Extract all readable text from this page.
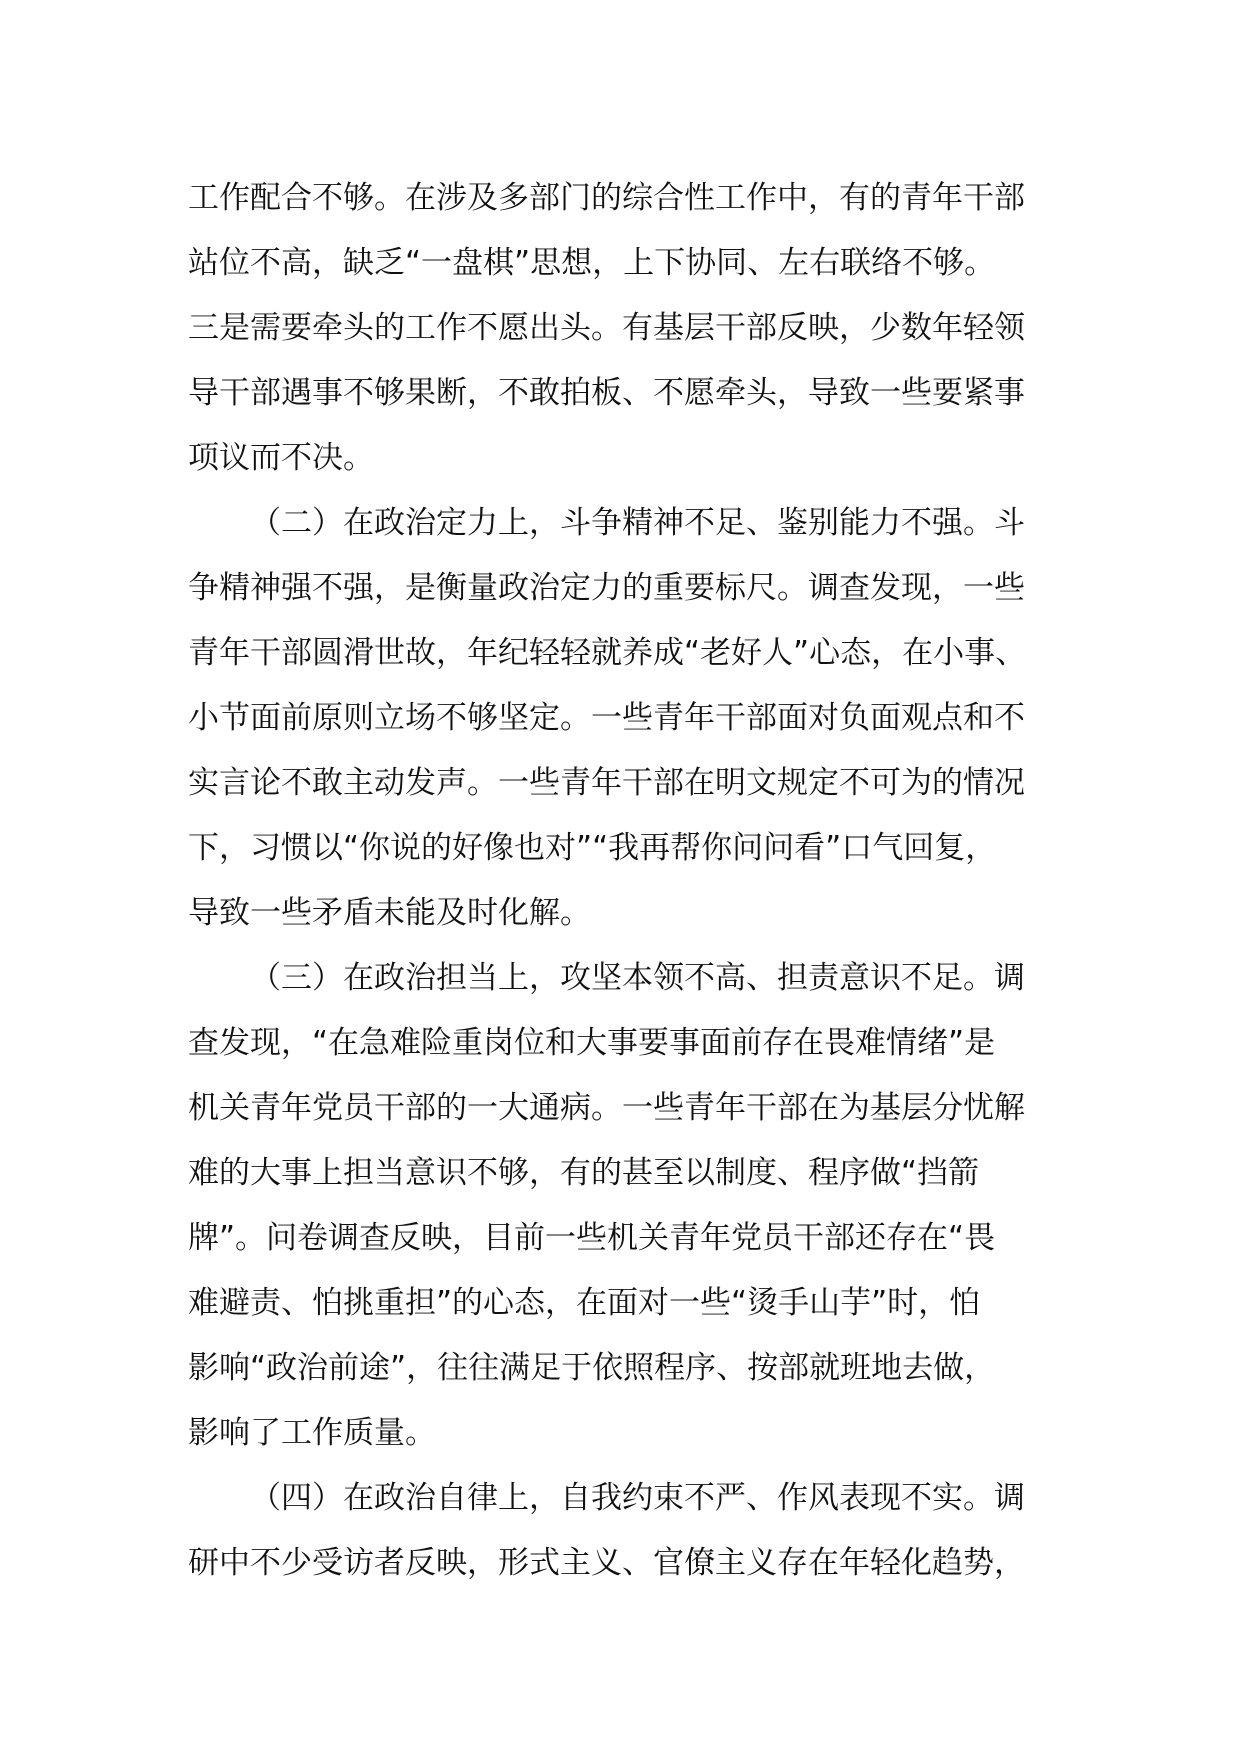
工作配合不够。在涉及多部门的综合性工作中，有的青年干部
站位不高，缺乏“一盘棋”思想，上下协同、左右联络不够。
三是需要牵头的工作不愿出头。有基层干部反映，少数年轻领
导干部遇事不够果断，不敢拍板、不愿牵头，导致一些要紧事
项议而不决。
（二）在政治定力上，斗争精神不足、鉴别能力不强。斗
争精神强不强，是衡量政治定力的重要标尺。调查发现，一些
青年干部圆滑世故，年纪轻轻就养成“老好人”心态，在小事、
小节面前原则立场不够坚定。一些青年干部面对负面观点和不
实言论不敢主动发声。一些青年干部在明文规定不可为的情况
下，习惯以“你说的好像也对”“我再帮你问问看”口气回复，
导致一些矛盾未能及时化解。
（三）在政治担当上，攻坚本领不高、担责意识不足。调
查发现，“在急难险重岗位和大事要事面前存在畏难情绪”是
机关青年党员干部的一大通病。一些青年干部在为基层分忧解
难的大事上担当意识不够，有的甚至以制度、程序做“挡箭
牌”。问卷调查反映，目前一些机关青年党员干部还存在“畏
难避责、怕挑重担”的心态，在面对一些“烫手山芋”时，怕
影响“政治前途”，往往满足于依照程序、按部就班地去做，
影响了工作质量。
（四）在政治自律上，自我约束不严、作风表现不实。调
研中不少受访者反映，形式主义、官僚主义存在年轻化趋势，
